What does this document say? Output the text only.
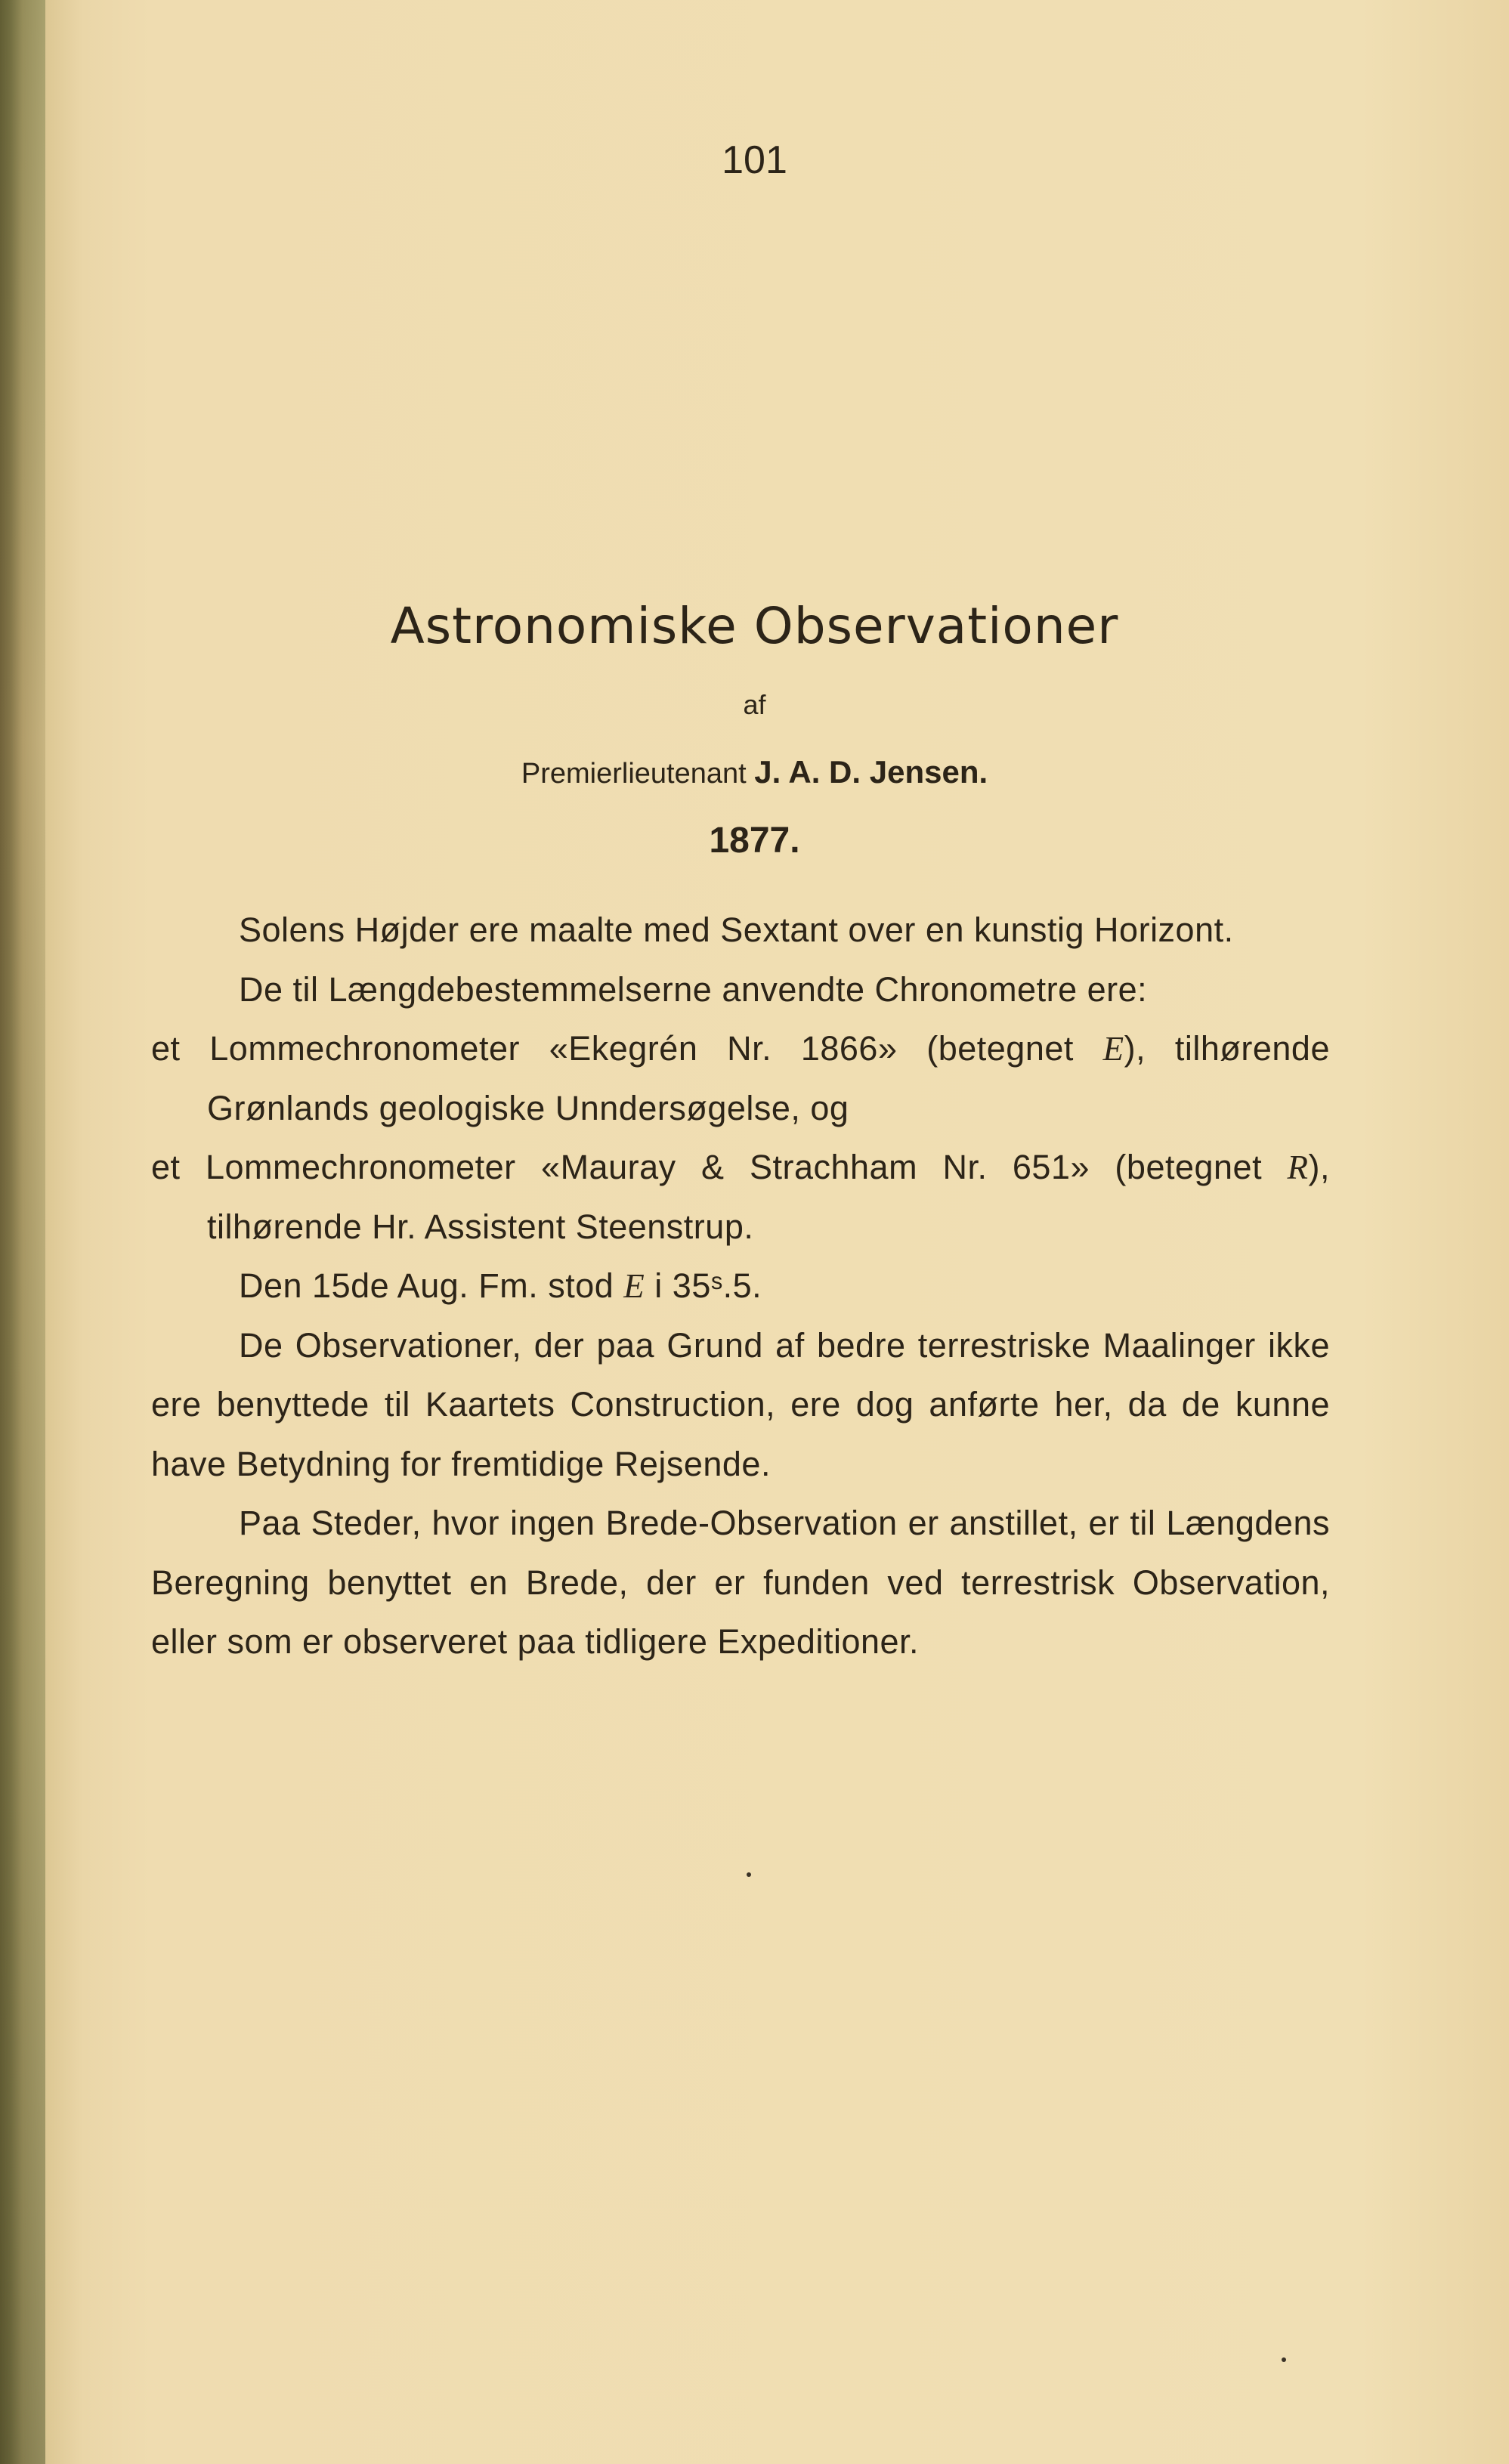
101
Astronomiske Observationer
af
Premierlieutenant J. A. D. Jensen.
1877.

Solens Højder ere maalte med Sextant over en kunstig Horizont.

De til Længdebestemmelserne anvendte Chronometre ere:

et Lommechronometer «Ekegrén Nr. 1866» (betegnet E), tilhørende Grønlands geologiske Unndersøgelse, og

et Lommechronometer «Mauray & Strachham Nr. 651» (betegnet R), tilhørende Hr. Assistent Steenstrup.

Den 15de Aug. Fm. stod E i 35ˢ.5.

De Observationer, der paa Grund af bedre terrestriske Maalinger ikke ere benyttede til Kaartets Construction, ere dog anførte her, da de kunne have Betydning for fremtidige Rejsende.

Paa Steder, hvor ingen Brede-Observation er anstillet, er til Længdens Beregning benyttet en Brede, der er funden ved terrestrisk Observation, eller som er observeret paa tidligere Expeditioner.
